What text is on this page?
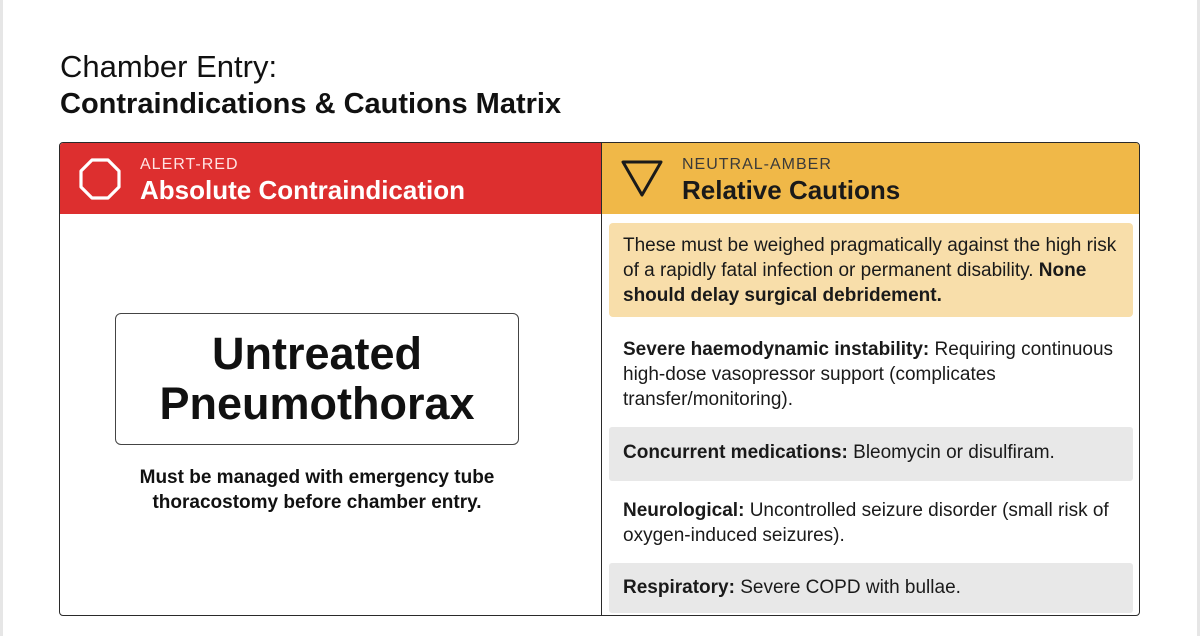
Chamber Entry:
Contraindications & Cautions Matrix
ALERT-RED
Absolute Contraindication
Untreated Pneumothorax
Must be managed with emergency tube thoracostomy before chamber entry.
NEUTRAL-AMBER
Relative Cautions
These must be weighed pragmatically against the high risk of a rapidly fatal infection or permanent disability. None should delay surgical debridement.
Severe haemodynamic instability: Requiring continuous high-dose vasopressor support (complicates transfer/monitoring).
Concurrent medications: Bleomycin or disulfiram.
Neurological: Uncontrolled seizure disorder (small risk of oxygen-induced seizures).
Respiratory: Severe COPD with bullae.
